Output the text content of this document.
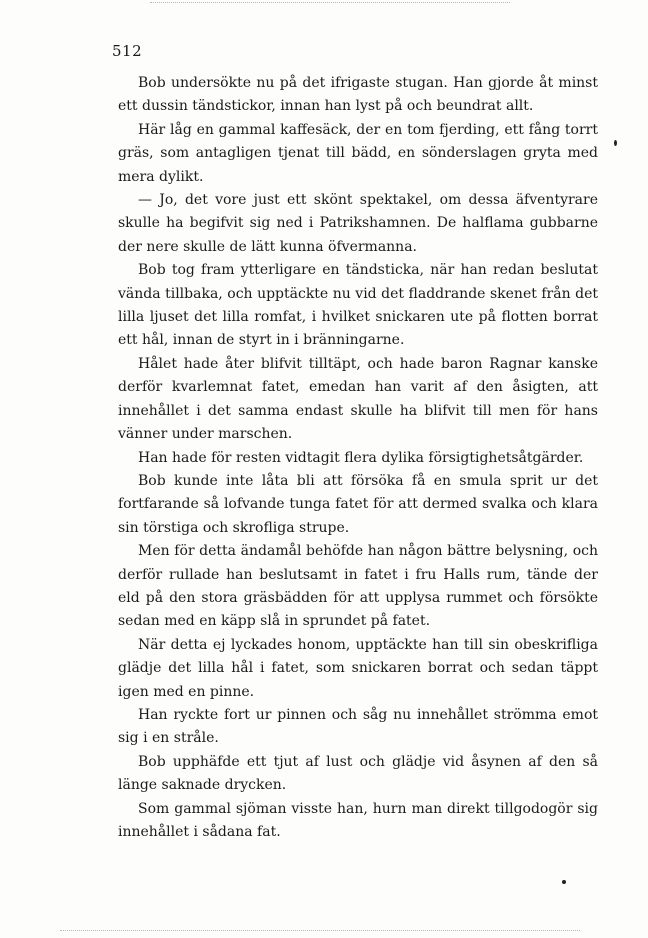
512

Bob undersökte nu på det ifrigaste stugan. Han gjorde åt minst ett dussin tändstickor, innan han lyst på och beundrat allt.

Här låg en gammal kaffesäck, der en tom fjerding, ett fång torrt gräs, som antagligen tjenat till bädd, en sönderslagen gryta med mera dylikt.

— Jo, det vore just ett skönt spektakel, om dessa äfventyrare skulle ha begifvit sig ned i Patrikshamnen. De halflama gubbarne der nere skulle de lätt kunna öfvermanna.

Bob tog fram ytterligare en tändsticka, när han redan beslutat vända tillbaka, och upptäckte nu vid det fladdrande skenet från det lilla ljuset det lilla romfat, i hvilket snickaren ute på flotten borrat ett hål, innan de styrt in i bränningarne.

Hålet hade åter blifvit tilltäpt, och hade baron Ragnar kanske derför kvarlemnat fatet, emedan han varit af den åsigten, att innehållet i det samma endast skulle ha blifvit till men för hans vänner under marschen.

Han hade för resten vidtagit flera dylika försigtighetsåtgärder.

Bob kunde inte låta bli att försöka få en smula sprit ur det fortfarande så lofvande tunga fatet för att dermed svalka och klara sin törstiga och skrofliga strupe.

Men för detta ändamål behöfde han någon bättre belysning, och derför rullade han beslutsamt in fatet i fru Halls rum, tände der eld på den stora gräsbädden för att upplysa rummet och försökte sedan med en käpp slå in sprundet på fatet.

När detta ej lyckades honom, upptäckte han till sin obeskrifliga glädje det lilla hål i fatet, som snickaren borrat och sedan täppt igen med en pinne.

Han ryckte fort ur pinnen och såg nu innehållet strömma emot sig i en stråle.

Bob upphäfde ett tjut af lust och glädje vid åsynen af den så länge saknade drycken.

Som gammal sjöman visste han, hurn man direkt tillgodogör sig innehållet i sådana fat.
